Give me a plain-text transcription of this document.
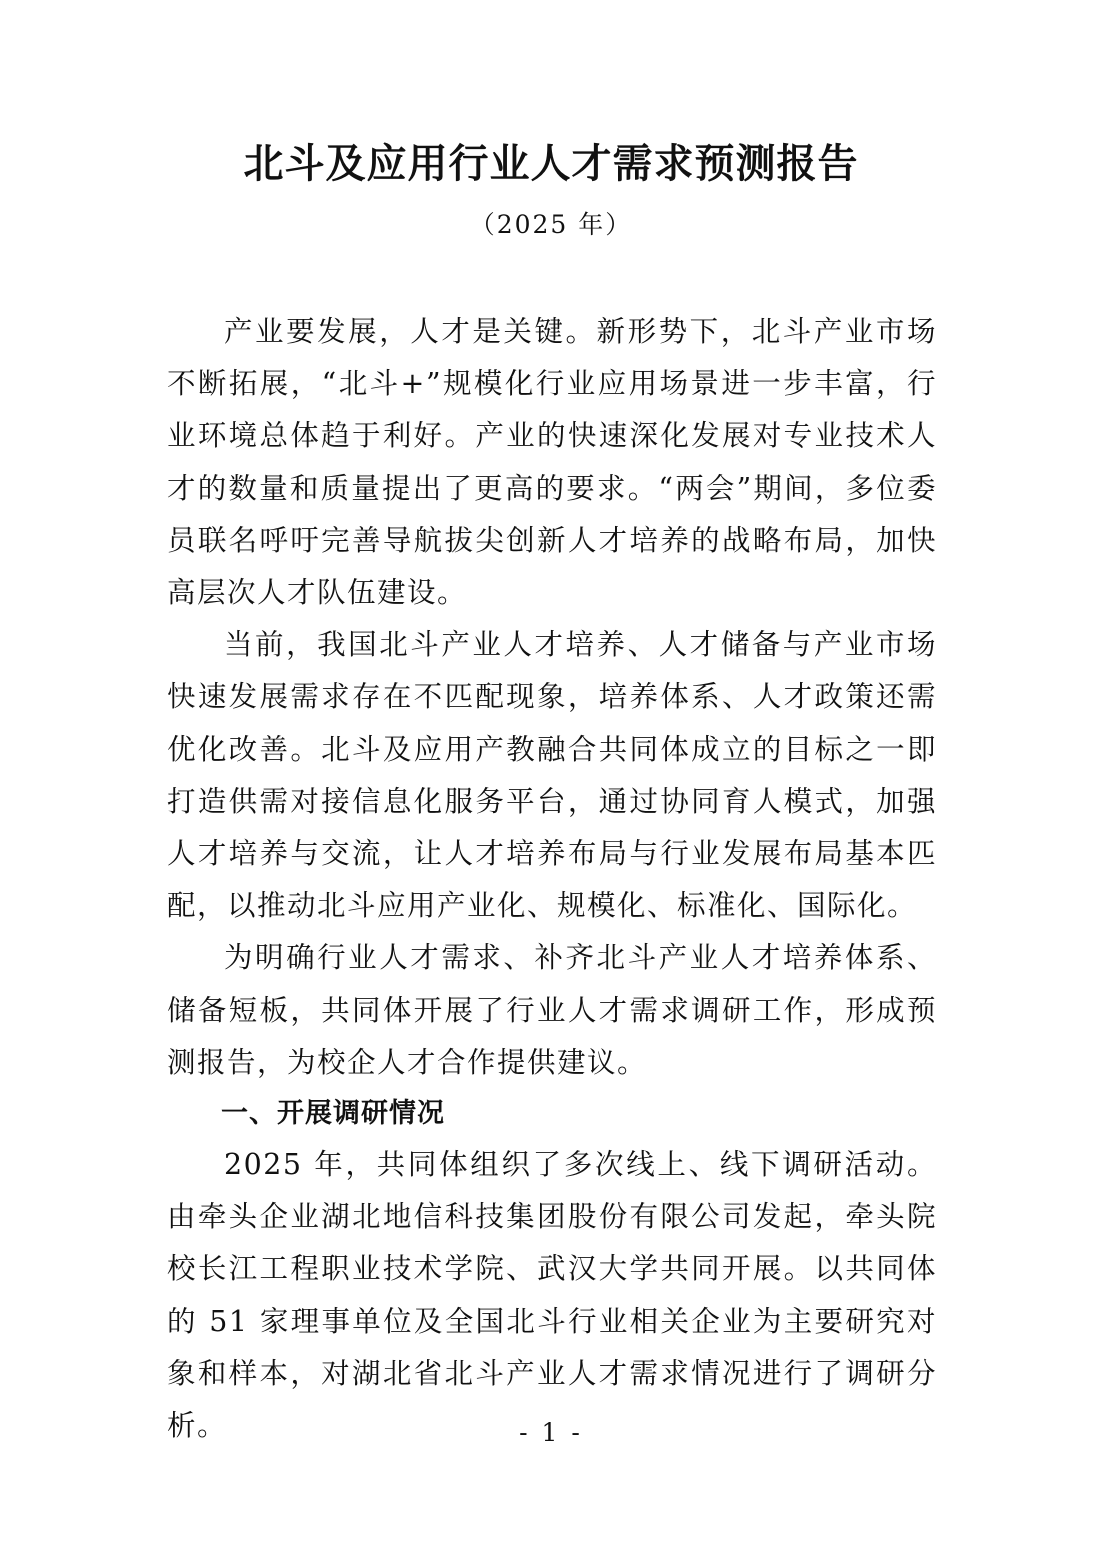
北斗及应用行业人才需求预测报告
（2025 年）

产业要发展，人才是关键。新形势下，北斗产业市场不断拓展，“北斗+”规模化行业应用场景进一步丰富，行业环境总体趋于利好。产业的快速深化发展对专业技术人才的数量和质量提出了更高的要求。“两会”期间，多位委员联名呼吁完善导航拔尖创新人才培养的战略布局，加快高层次人才队伍建设。

当前，我国北斗产业人才培养、人才储备与产业市场快速发展需求存在不匹配现象，培养体系、人才政策还需优化改善。北斗及应用产教融合共同体成立的目标之一即打造供需对接信息化服务平台，通过协同育人模式，加强人才培养与交流，让人才培养布局与行业发展布局基本匹配，以推动北斗应用产业化、规模化、标准化、国际化。

为明确行业人才需求、补齐北斗产业人才培养体系、储备短板，共同体开展了行业人才需求调研工作，形成预测报告，为校企人才合作提供建议。

一、开展调研情况

2025 年，共同体组织了多次线上、线下调研活动。由牵头企业湖北地信科技集团股份有限公司发起，牵头院校长江工程职业技术学院、武汉大学共同开展。以共同体的 51 家理事单位及全国北斗行业相关企业为主要研究对象和样本，对湖北省北斗产业人才需求情况进行了调研分析。	- 1 -
